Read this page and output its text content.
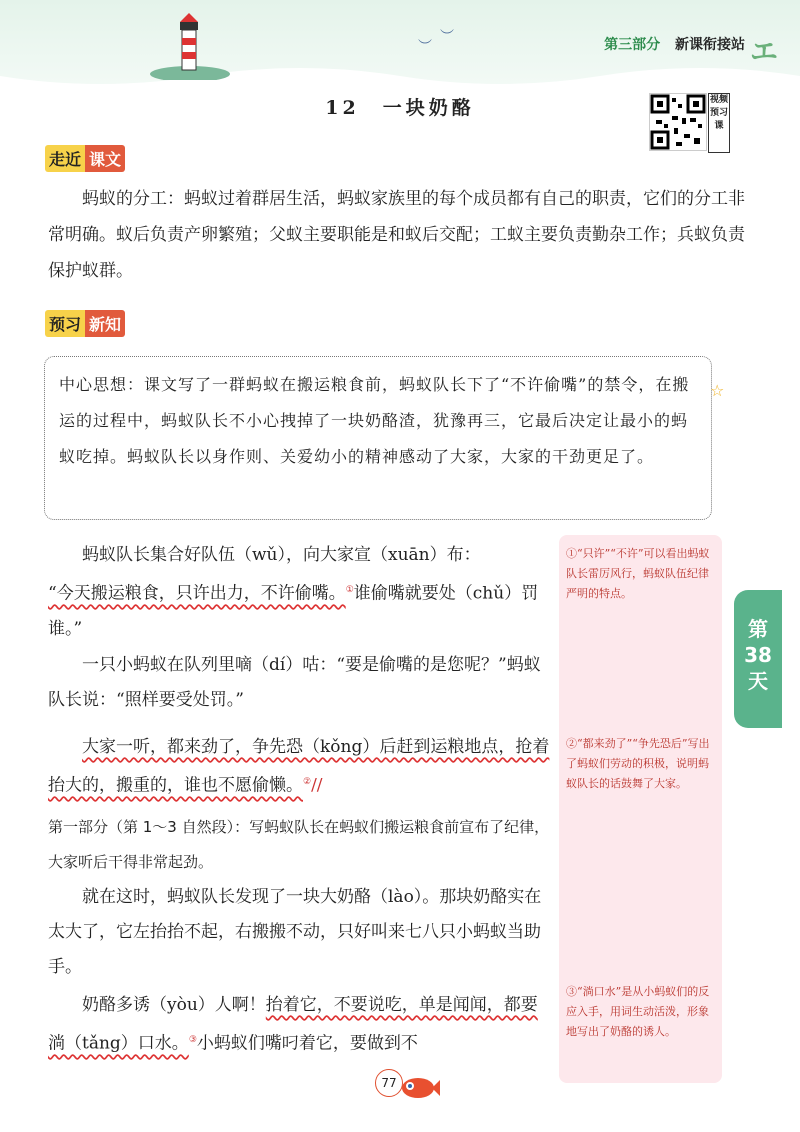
︶
︶	第三部分 新课衔接站 エ
12　一块奶酪	视频预习课
走近 课文
蚂蚁的分工：蚂蚁过着群居生活，蚂蚁家族里的每个成员都有自己的职责，它们的分工非常明确。蚁后负责产卵繁殖；父蚁主要职能是和蚁后交配；工蚁主要负责勤杂工作；兵蚁负责保护蚁群。
预习 新知

中心思想：课文写了一群蚂蚁在搬运粮食前，蚂蚁队长下了“不许偷嘴”的禁令，在搬运的过程中，蚂蚁队长不小心拽掉了一块奶酪渣，犹豫再三，它最后决定让最小的蚂蚁吃掉。蚂蚁队长以身作则、关爱幼小的精神感动了大家，大家的干劲更足了。

☆
①“只许”“不许”可以看出蚂蚁队长雷厉风行，蚂蚁队伍纪律严明的特点。
②“都来劲了”“争先恐后”写出了蚂蚁们劳动的积极，说明蚂蚁队长的话鼓舞了大家。
③“淌口水”是从小蚂蚁们的反应入手，用词生动活泼，形象地写出了奶酪的诱人。
第
38
天
蚂蚁队长集合好队伍（wǔ），向大家宣（xuān）布：
“今天搬运粮食，只许出力，不许偷嘴。①谁偷嘴就要处（chǔ）罚谁。”
一只小蚂蚁在队列里嘀（dí）咕：“要是偷嘴的是您呢？”蚂蚁队长说：“照样要受处罚。”
大家一听，都来劲了，争先恐（kǒng）后赶到运粮地点，抢着抬大的，搬重的，谁也不愿偷懒。②//
第一部分（第 1～3 自然段）：写蚂蚁队长在蚂蚁们搬运粮食前宣布了纪律，大家听后干得非常起劲。
就在这时，蚂蚁队长发现了一块大奶酪（lào）。那块奶酪实在太大了，它左抬抬不起，右搬搬不动，只好叫来七八只小蚂蚁当助手。
奶酪多诱（yòu）人啊！抬着它，不要说吃，单是闻闻，都要淌（tǎng）口水。③小蚂蚁们嘴叼着它，要做到不
77
